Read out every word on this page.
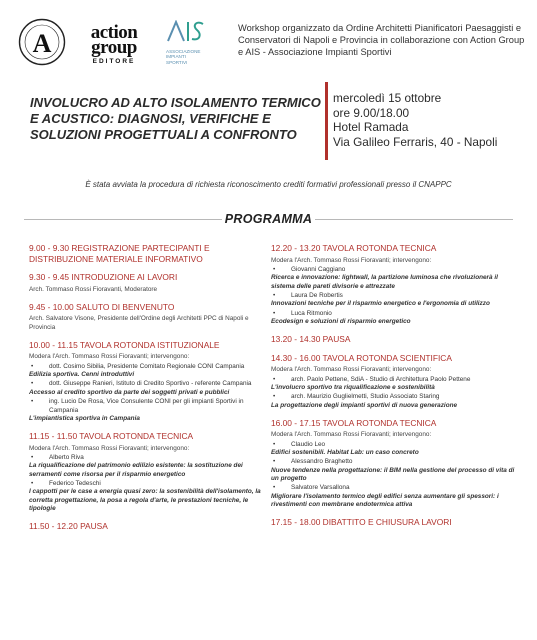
A	action group
EDITORE
ASSOCIAZIONE IMPIANTI SPORTIVI
Workshop organizzato da Ordine Architetti Pianificatori Paesaggisti e Conservatori di Napoli e Provincia in collaborazione con Action Group e AIS - Associazione Impianti Sportivi
INVOLUCRO AD ALTO ISOLAMENTO TERMICO E ACUSTICO: DIAGNOSI, VERIFICHE E SOLUZIONI PROGETTUALI A CONFRONTO
mercoledì 15 ottobre
ore 9.00/18.00
Hotel Ramada
Via Galileo Ferraris, 40 - Napoli
È stata avviata la procedura di richiesta riconoscimento crediti formativi professionali presso il CNAPPC
PROGRAMMA
9.00 - 9.30 REGISTRAZIONE PARTECIPANTI E DISTRIBUZIONE MATERIALE INFORMATIVO
9.30 - 9.45 INTRODUZIONE AI LAVORI
Arch. Tommaso Rossi Fioravanti, Moderatore
9.45 - 10.00 SALUTO DI BENVENUTO
Arch. Salvatore Visone, Presidente dell'Ordine degli Architetti PPC di Napoli e Provincia
10.00 - 11.15 TAVOLA ROTONDA ISTITUZIONALE
Modera l'Arch. Tommaso Rossi Fioravanti; intervengono:
• dott. Cosimo Sibilia, Presidente Comitato Regionale CONI Campania
Edilizia sportiva. Cenni introduttivi
• dott. Giuseppe Ranieri, Istituto di Credito Sportivo - referente Campania
Accesso al credito sportivo da parte dei soggetti privati e pubblici
• ing. Lucio De Rosa, Vice Consulente CONI per gli impianti Sportivi in Campania
L'impiantistica sportiva in Campania
11.15 - 11.50 TAVOLA ROTONDA TECNICA
Modera l'Arch. Tommaso Rossi Fioravanti; intervengono:
• Alberto Riva
La riqualificazione del patrimonio edilizio esistente: la sostituzione dei serramenti come risorsa per il risparmio energetico
• Federico Tedeschi
I cappotti per le case a energia quasi zero: la sostenibilità dell'isolamento, la corretta progettazione, la posa a regola d'arte, le prestazioni tecniche, le tipologie
11.50 - 12.20 PAUSA
12.20 - 13.20 TAVOLA ROTONDA TECNICA
Modera l'Arch. Tommaso Rossi Fioravanti; intervengono:
• Giovanni Caggiano
Ricerca e innovazione: lightwall, la partizione luminosa che rivoluzionerà il sistema delle pareti divisorie e attrezzate
• Laura De Robertis
Innovazioni tecniche per il risparmio energetico e l'ergonomia di utilizzo
• Luca Ritmonio
Ecodesign e soluzioni di risparmio energetico
13.20 - 14.30 PAUSA
14.30 - 16.00 TAVOLA ROTONDA SCIENTIFICA
Modera l'Arch. Tommaso Rossi Fioravanti; intervengono:
• arch. Paolo Pettene, SdiA - Studio di Architettura Paolo Pettene
L'involucro sportivo tra riqualificazione e sostenibilità
• arch. Maurizio Guglielmetti, Studio Associato Staring
La progettazione degli impianti sportivi di nuova generazione
16.00 - 17.15 TAVOLA ROTONDA TECNICA
Modera l'Arch. Tommaso Rossi Fioravanti; intervengono:
• Claudio Leo
Edifici sostenibili. Habitat Lab: un caso concreto
• Alessandro Braghetto
Nuove tendenze nella progettazione: il BIM nella gestione del processo di vita di un progetto
• Salvatore Varsallona
Migliorare l'isolamento termico degli edifici senza aumentare gli spessori: i rivestimenti con membrane endotermica attiva
17.15 - 18.00 DIBATTITO E CHIUSURA LAVORI
